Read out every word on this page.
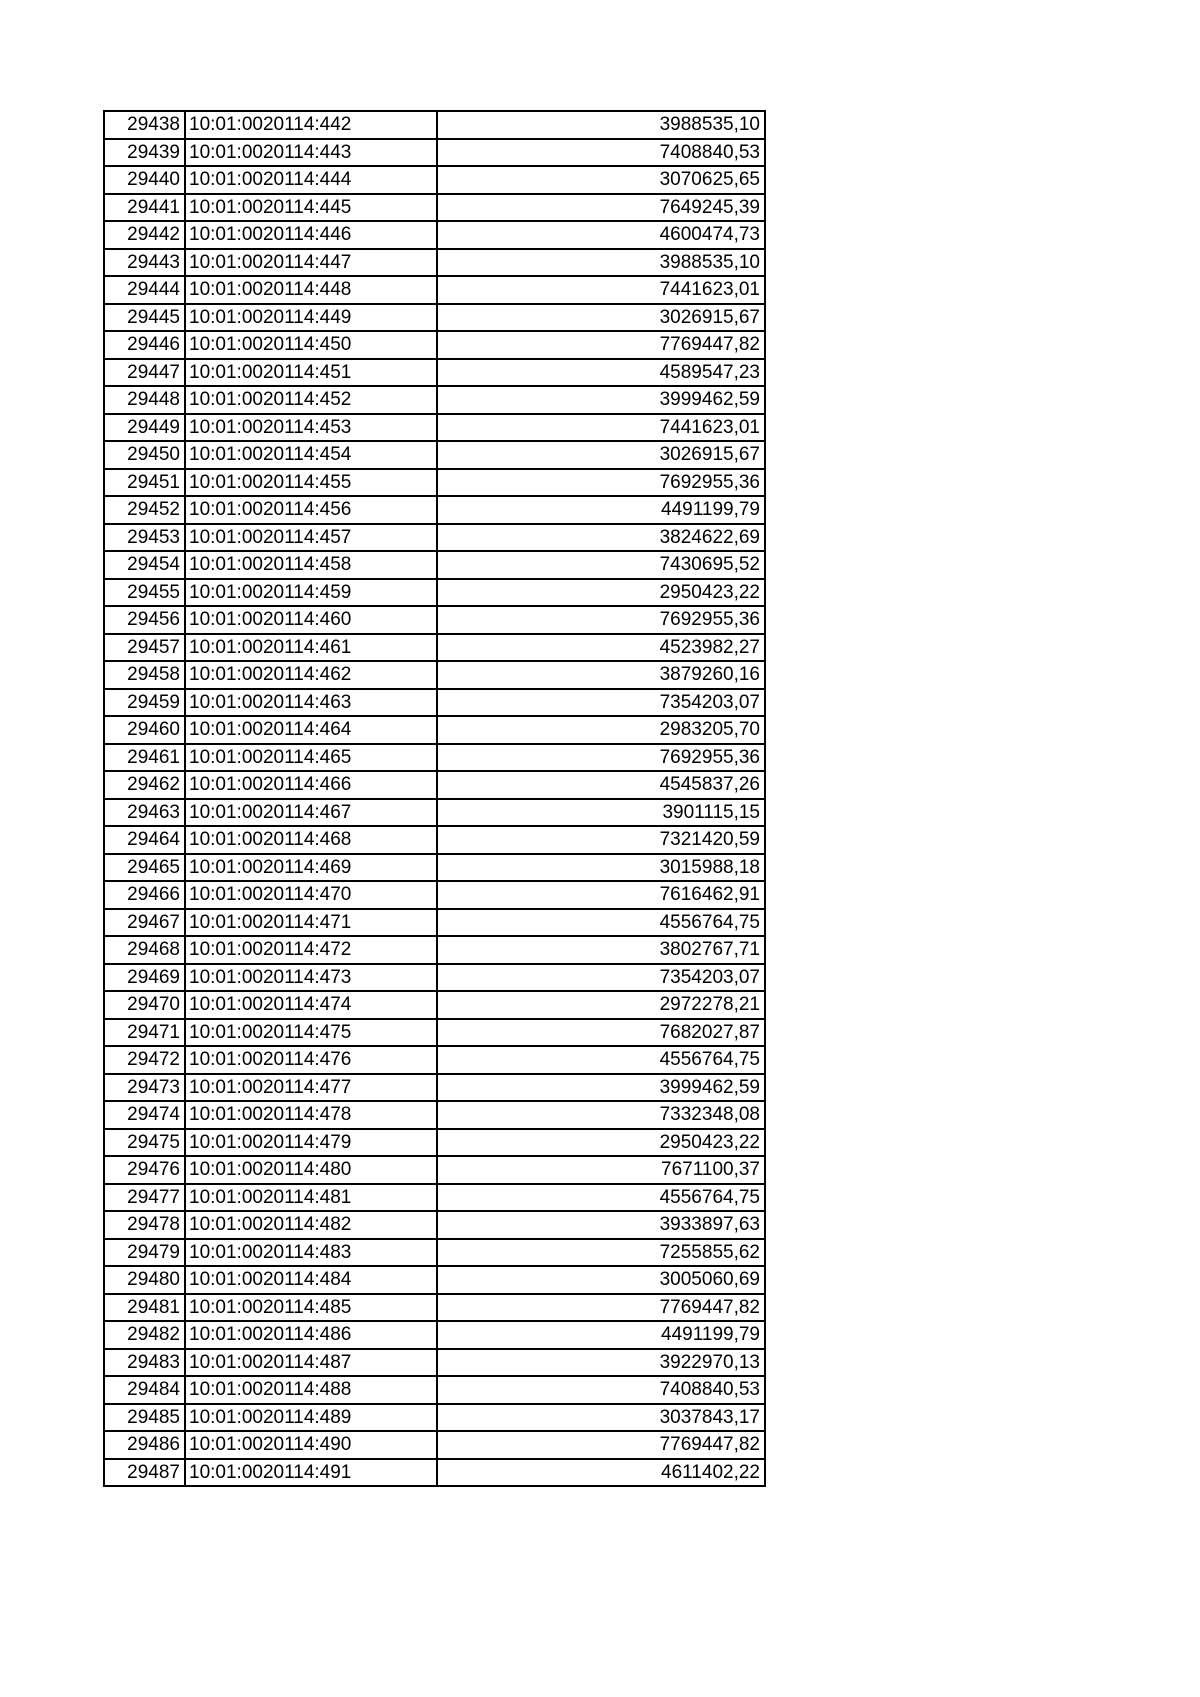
29438	10:01:0020114:442	3988535,10
29439	10:01:0020114:443	7408840,53
29440	10:01:0020114:444	3070625,65
29441	10:01:0020114:445	7649245,39
29442	10:01:0020114:446	4600474,73
29443	10:01:0020114:447	3988535,10
29444	10:01:0020114:448	7441623,01
29445	10:01:0020114:449	3026915,67
29446	10:01:0020114:450	7769447,82
29447	10:01:0020114:451	4589547,23
29448	10:01:0020114:452	3999462,59
29449	10:01:0020114:453	7441623,01
29450	10:01:0020114:454	3026915,67
29451	10:01:0020114:455	7692955,36
29452	10:01:0020114:456	4491199,79
29453	10:01:0020114:457	3824622,69
29454	10:01:0020114:458	7430695,52
29455	10:01:0020114:459	2950423,22
29456	10:01:0020114:460	7692955,36
29457	10:01:0020114:461	4523982,27
29458	10:01:0020114:462	3879260,16
29459	10:01:0020114:463	7354203,07
29460	10:01:0020114:464	2983205,70
29461	10:01:0020114:465	7692955,36
29462	10:01:0020114:466	4545837,26
29463	10:01:0020114:467	3901115,15
29464	10:01:0020114:468	7321420,59
29465	10:01:0020114:469	3015988,18
29466	10:01:0020114:470	7616462,91
29467	10:01:0020114:471	4556764,75
29468	10:01:0020114:472	3802767,71
29469	10:01:0020114:473	7354203,07
29470	10:01:0020114:474	2972278,21
29471	10:01:0020114:475	7682027,87
29472	10:01:0020114:476	4556764,75
29473	10:01:0020114:477	3999462,59
29474	10:01:0020114:478	7332348,08
29475	10:01:0020114:479	2950423,22
29476	10:01:0020114:480	7671100,37
29477	10:01:0020114:481	4556764,75
29478	10:01:0020114:482	3933897,63
29479	10:01:0020114:483	7255855,62
29480	10:01:0020114:484	3005060,69
29481	10:01:0020114:485	7769447,82
29482	10:01:0020114:486	4491199,79
29483	10:01:0020114:487	3922970,13
29484	10:01:0020114:488	7408840,53
29485	10:01:0020114:489	3037843,17
29486	10:01:0020114:490	7769447,82
29487	10:01:0020114:491	4611402,22
